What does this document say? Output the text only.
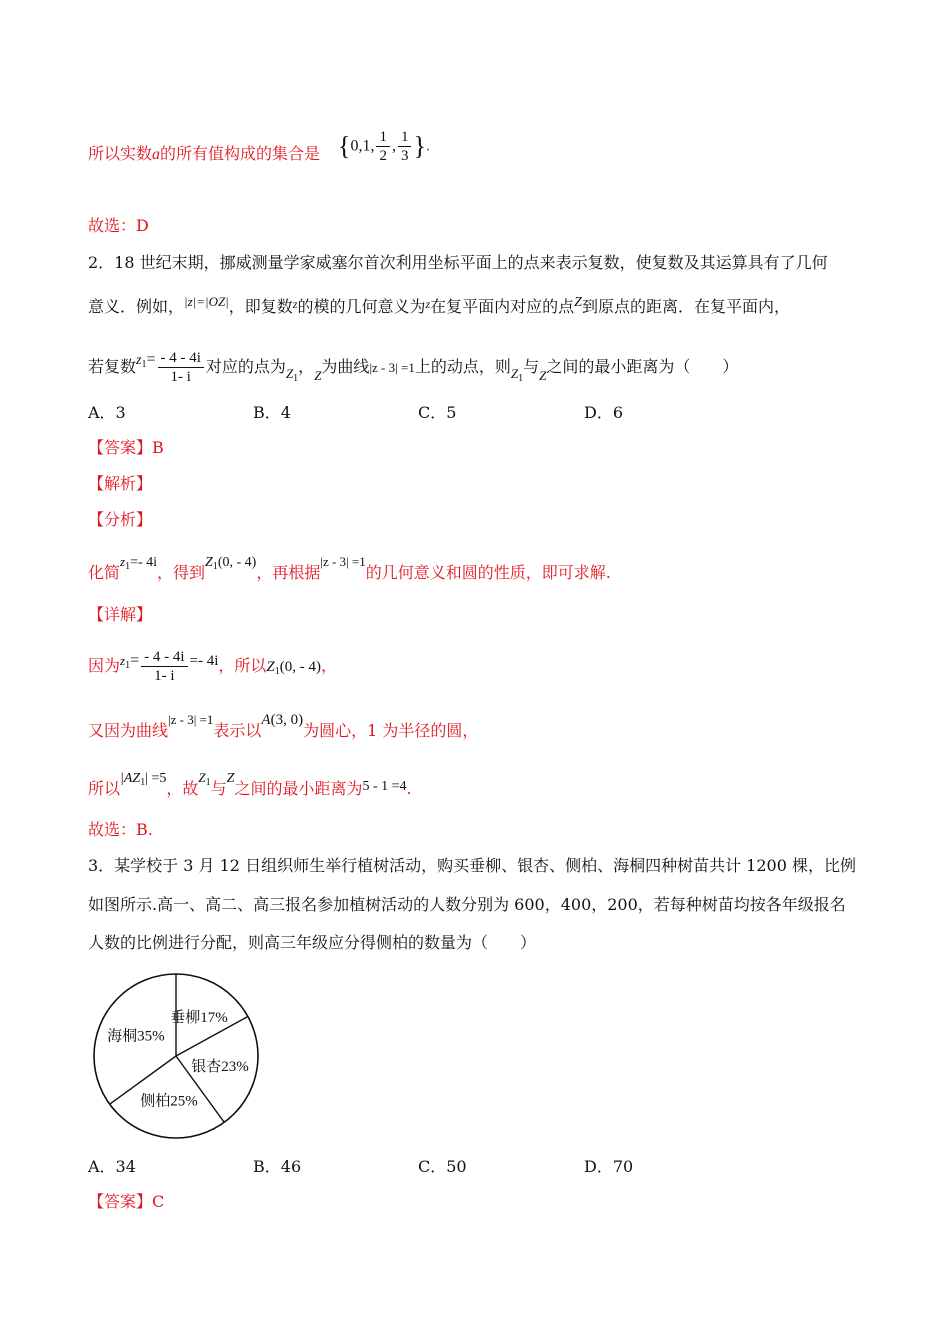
所以实数a的所有值构成的集合是 {0,1, $\frac{1}{2}$ , $\frac{1}{3}$ }.
故选：D
2．18 世纪末期，挪威测量学家威塞尔首次利用坐标平面上的点来表示复数，使复数及其运算具有了几何
意义．例如，$^{|z|=|OZ|}$，即复数$^z$的模的几何意义为$^z$在复平面内对应的点Z到原点的距离．在复平面内，
若复数$z_1= \frac{- 4 - 4i}{1- i}$ 对应的点为$_{Z_1}$，$_Z$为曲线|z - 3| =1上的动点，则$_{Z_1}$与$_Z$之间的最小距离为（　　）
A．3	B．4	C．5	D．6
【答案】B
【解析】
【分析】
化简$^{z_1}$=- 4i，得到$Z_1(0$, - 4)，再根据$^{|z - 3| =1}$的几何意义和圆的性质，即可求解.
【详解】
因为$^{z_1}= \frac{- 4 - 4i}{1- i} =- 4i$，所以$Z_1(0$, - 4)，
又因为曲线$^{|z - 3| =1}$表示以A(3, 0)为圆心，1 为半径的圆，
所以$|AZ_1| =5$，故$^{Z_1}$与Z之间的最小距离为5 - 1 =4.
故选：B.
3．某学校于 3 月 12 日组织师生举行植树活动，购买垂柳、银杏、侧柏、海桐四种树苗共计 1200 棵，比例
如图所示.高一、高二、高三报名参加植树活动的人数分别为 600，400，200，若每种树苗均按各年级报名
人数的比例进行分配，则高三年级应分得侧柏的数量为（　　）
垂柳17%
银杏23%
侧柏25%
海桐35%
A．34	B．46	C．50	D．70
【答案】C
